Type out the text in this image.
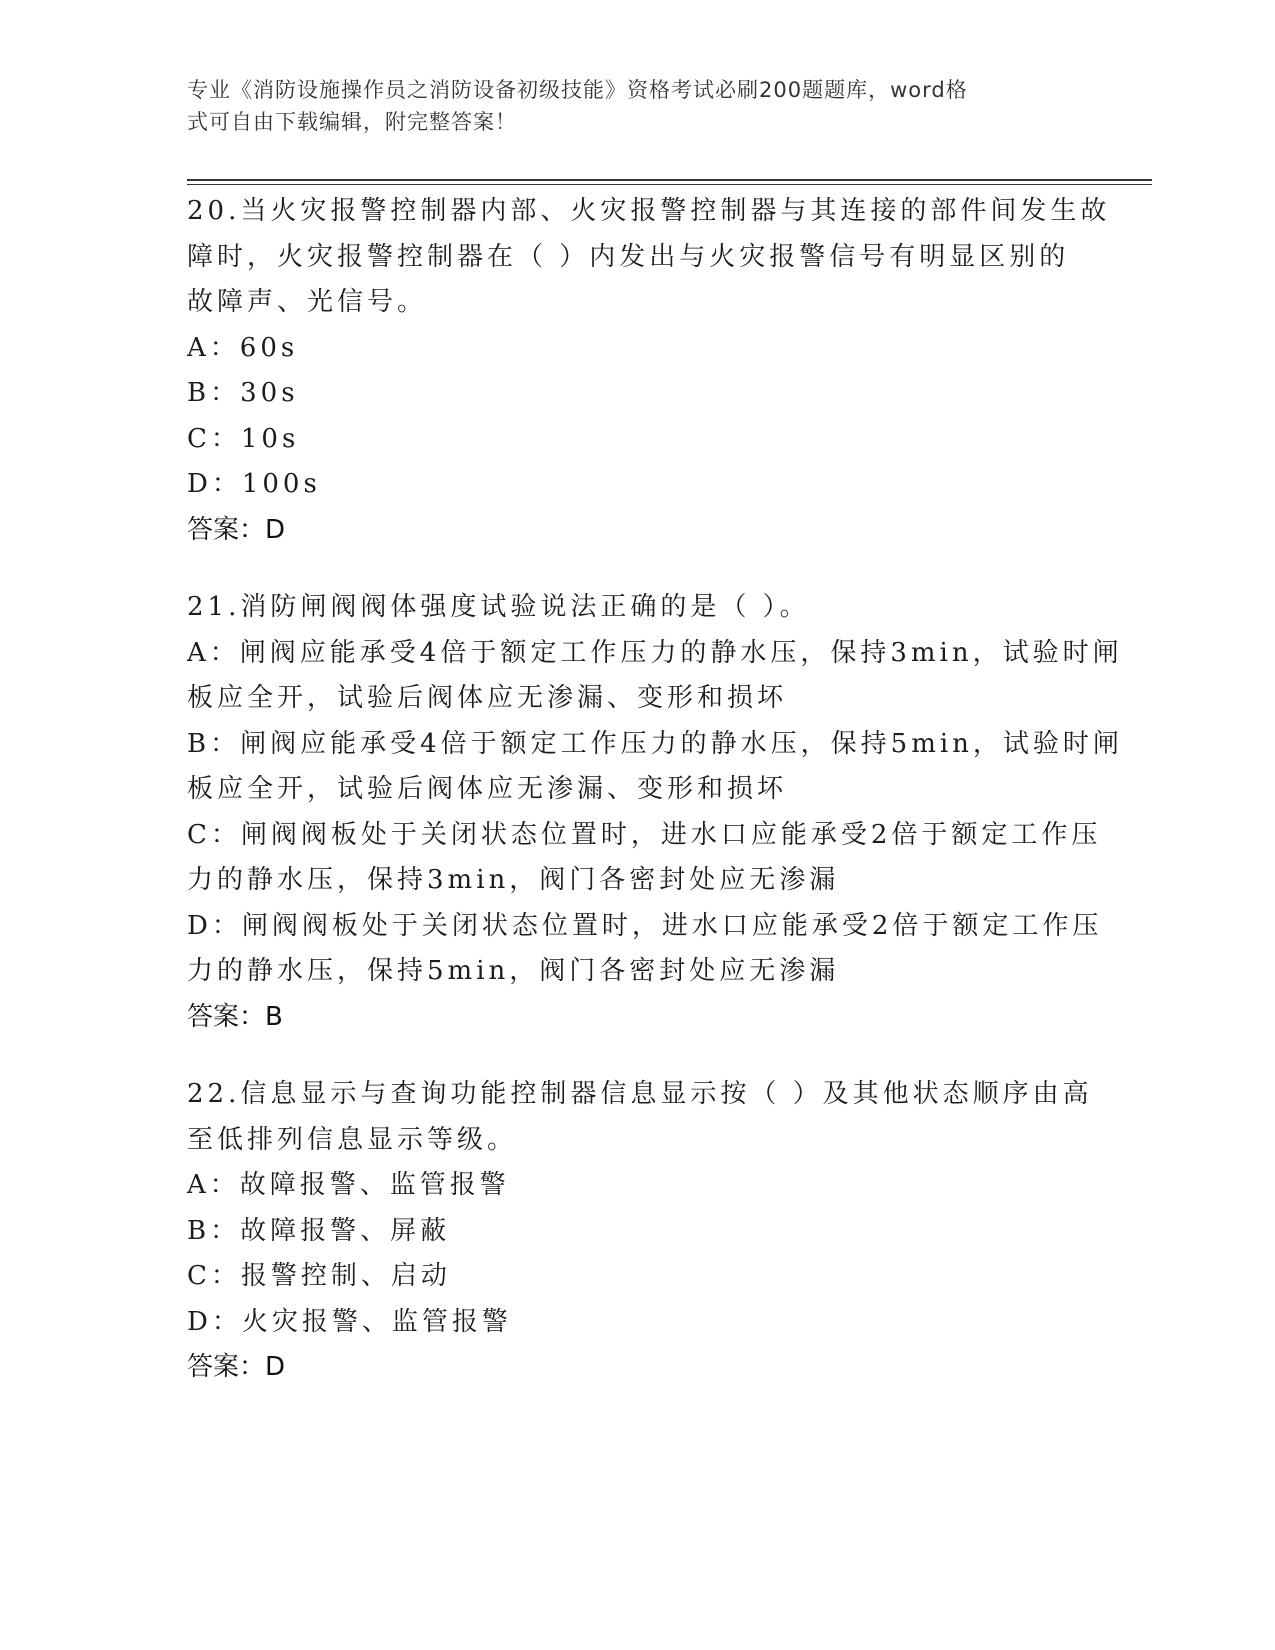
专业《消防设施操作员之消防设备初级技能》资格考试必刷200题题库，word格
式可自由下载编辑，附完整答案！
20.当火灾报警控制器内部、火灾报警控制器与其连接的部件间发生故
障时，火灾报警控制器在（ ）内发出与火灾报警信号有明显区别的
故障声、光信号。
A：60s
B：30s
C：10s
D：100s
答案：D
21.消防闸阀阀体强度试验说法正确的是（ ）。
A：闸阀应能承受4倍于额定工作压力的静水压，保持3min，试验时闸
板应全开，试验后阀体应无渗漏、变形和损坏
B：闸阀应能承受4倍于额定工作压力的静水压，保持5min，试验时闸
板应全开，试验后阀体应无渗漏、变形和损坏
C：闸阀阀板处于关闭状态位置时，进水口应能承受2倍于额定工作压
力的静水压，保持3min，阀门各密封处应无渗漏
D：闸阀阀板处于关闭状态位置时，进水口应能承受2倍于额定工作压
力的静水压，保持5min，阀门各密封处应无渗漏
答案：B
22.信息显示与查询功能控制器信息显示按（ ）及其他状态顺序由高
至低排列信息显示等级。
A：故障报警、监管报警
B：故障报警、屏蔽
C：报警控制、启动
D：火灾报警、监管报警
答案：D
